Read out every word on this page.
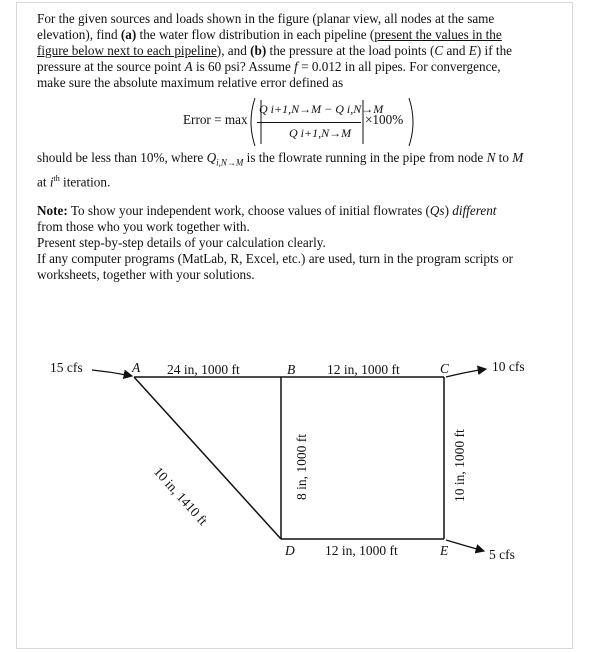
For the given sources and loads shown in the figure (planar view, all nodes at the same
elevation), find (a) the water flow distribution in each pipeline (present the values in the
figure below next to each pipeline), and (b) the pressure at the load points (C and E) if the
pressure at the source point A is 60 psi? Assume f = 0.012 in all pipes. For convergence,
make sure the absolute maximum relative error defined as
Error = max
Q i+1,N→M − Q i,N→M
Q i+1,N→M
×100%
should be less than 10%, where $Q_{i,N\to M}$ is the flowrate running in the pipe from node N to M
at $i^{th}$ iteration.
Note: To show your independent work, choose values of initial flowrates (Qs) different
from those who you work together with.
Present step-by-step details of your calculation clearly.
If any computer programs (MatLab, R, Excel, etc.) are used, turn in the program scripts or
worksheets, together with your solutions.
15 cfs	A 24 in, 1000 ft	B 12 in, 1000 ft	C	10 cfs
10 in, 1410 ft	8 in, 1000 ft	10 in, 1000 ft
D 12 in, 1000 ft	E	5 cfs
